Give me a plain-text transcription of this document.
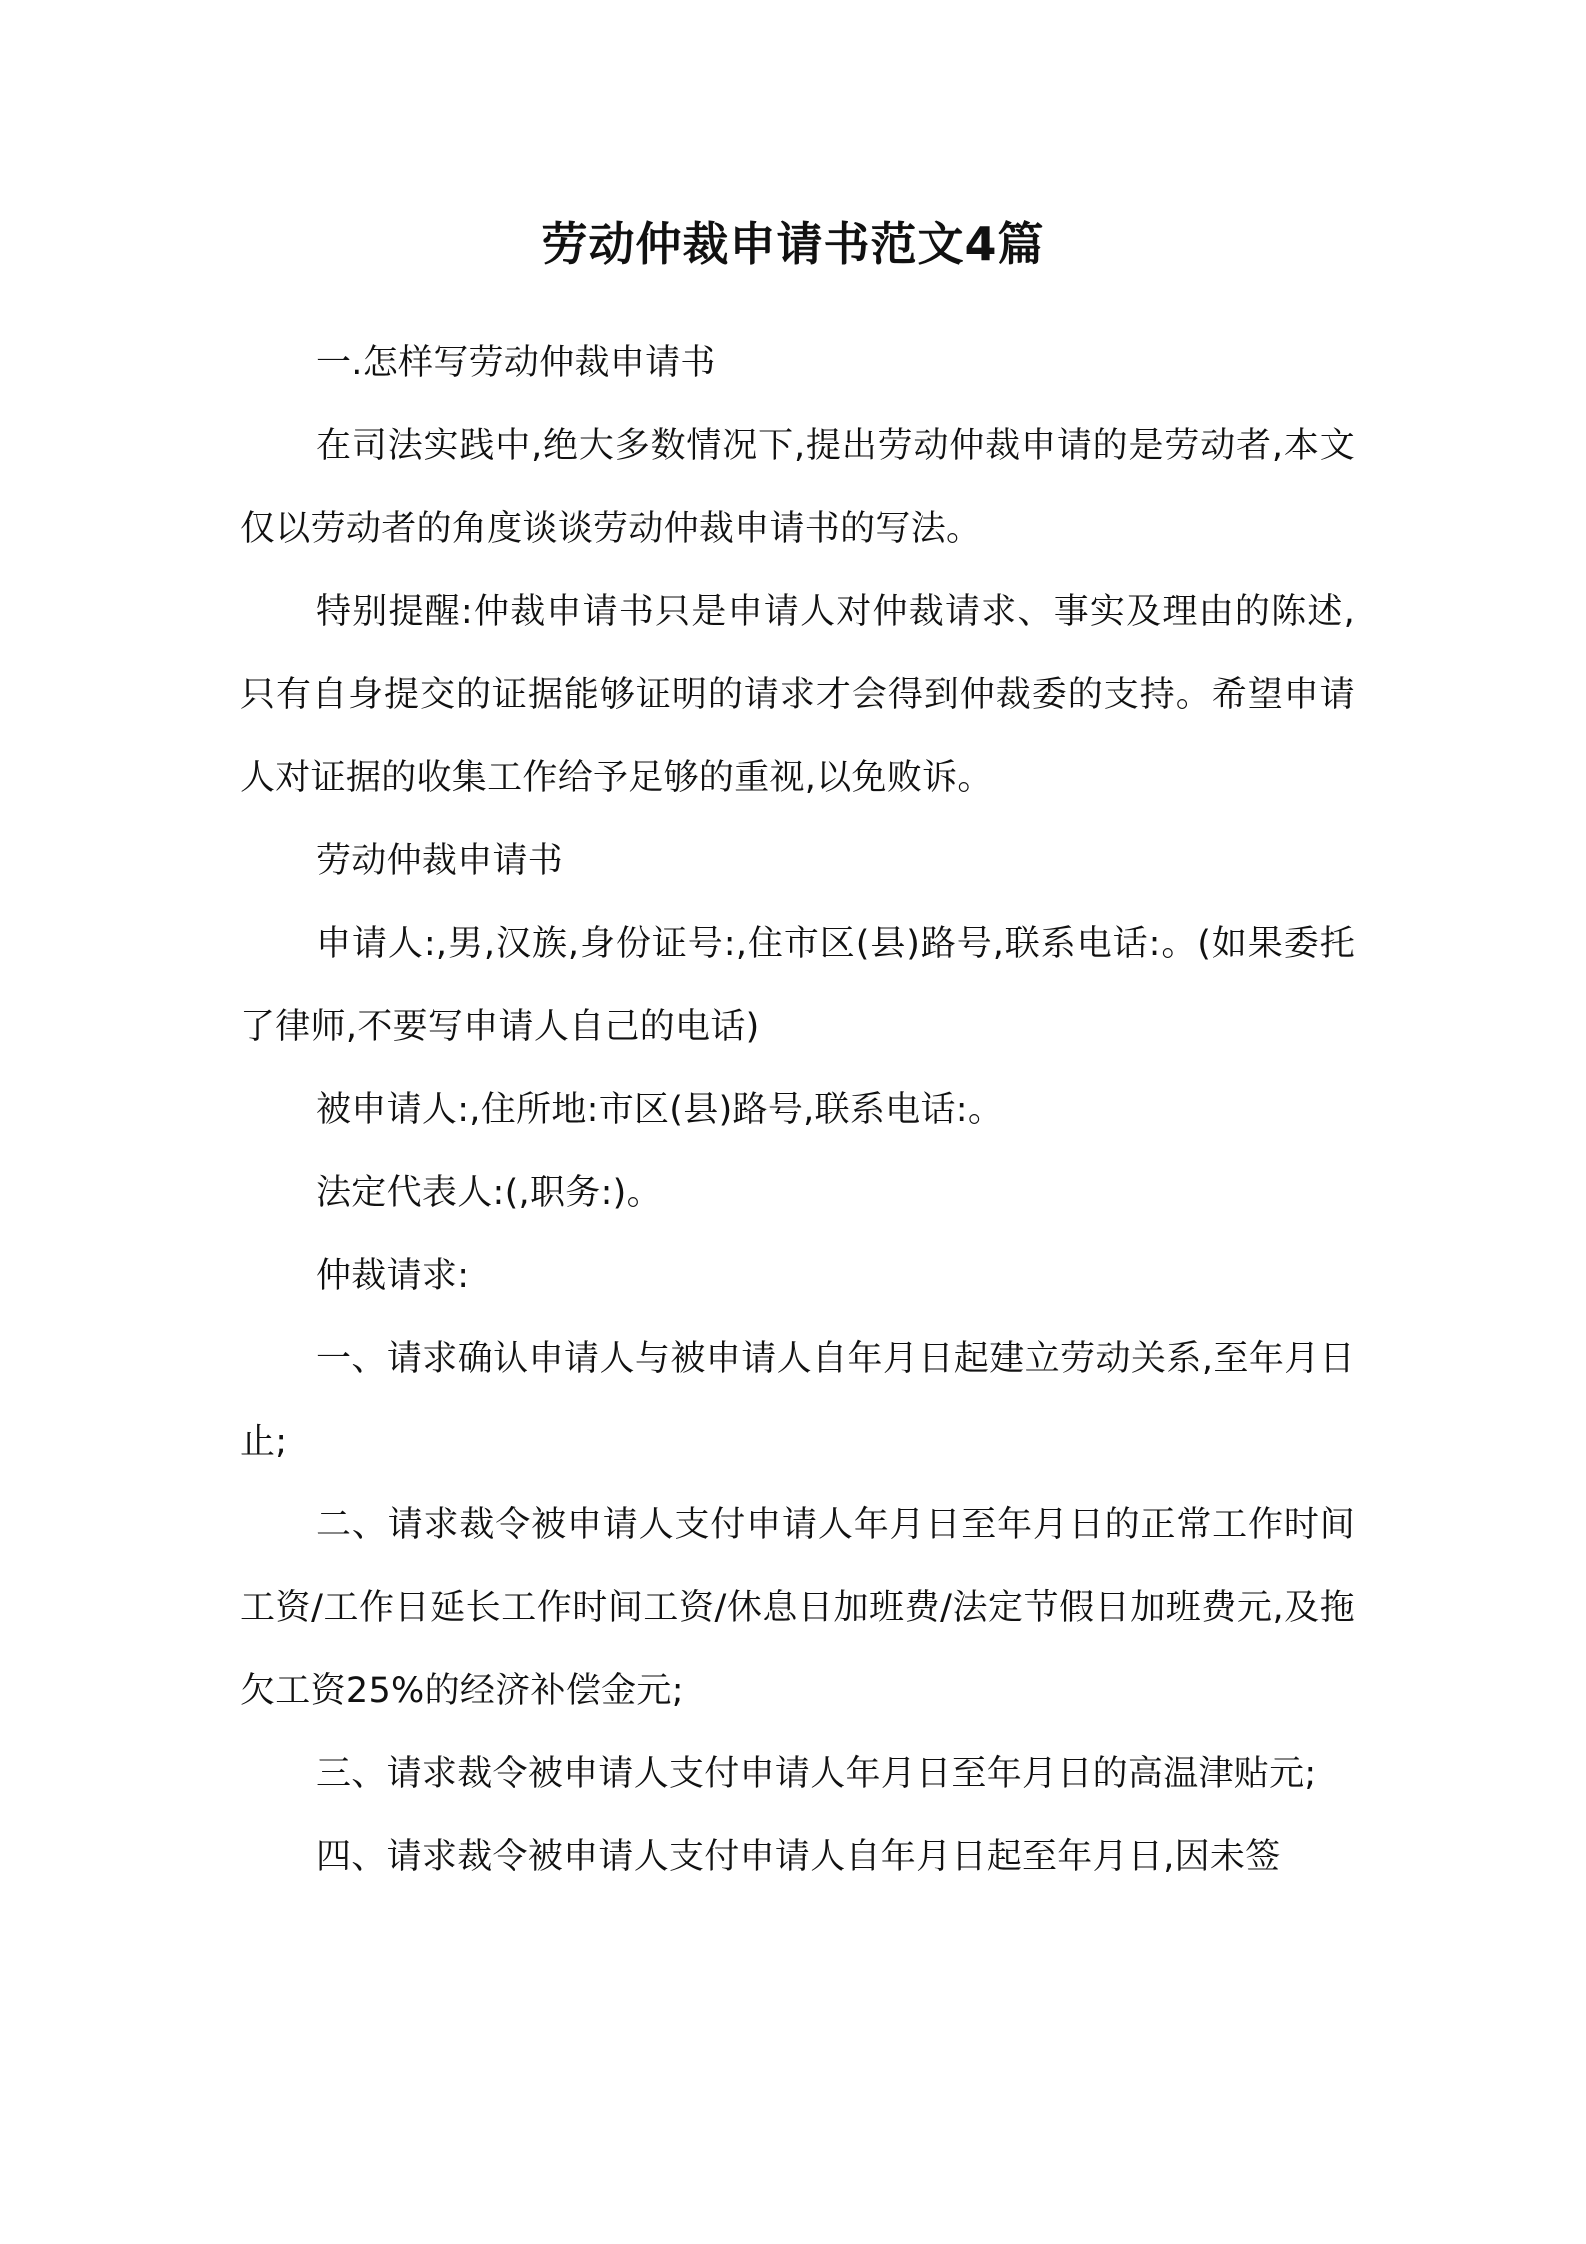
劳动仲裁申请书范文4篇

一.怎样写劳动仲裁申请书

在司法实践中,绝大多数情况下,提出劳动仲裁申请的是劳动者,本文仅以劳动者的角度谈谈劳动仲裁申请书的写法。

特别提醒:仲裁申请书只是申请人对仲裁请求、事实及理由的陈述,只有自身提交的证据能够证明的请求才会得到仲裁委的支持。希望申请人对证据的收集工作给予足够的重视,以免败诉。

劳动仲裁申请书

申请人:,男,汉族,身份证号:,住市区(县)路号,联系电话:。(如果委托了律师,不要写申请人自己的电话)

被申请人:,住所地:市区(县)路号,联系电话:。

法定代表人:(,职务:)。

仲裁请求:

一、请求确认申请人与被申请人自年月日起建立劳动关系,至年月日止;

二、请求裁令被申请人支付申请人年月日至年月日的正常工作时间工资/工作日延长工作时间工资/休息日加班费/法定节假日加班费元,及拖欠工资25%的经济补偿金元;

三、请求裁令被申请人支付申请人年月日至年月日的高温津贴元;

四、请求裁令被申请人支付申请人自年月日起至年月日,因未签
